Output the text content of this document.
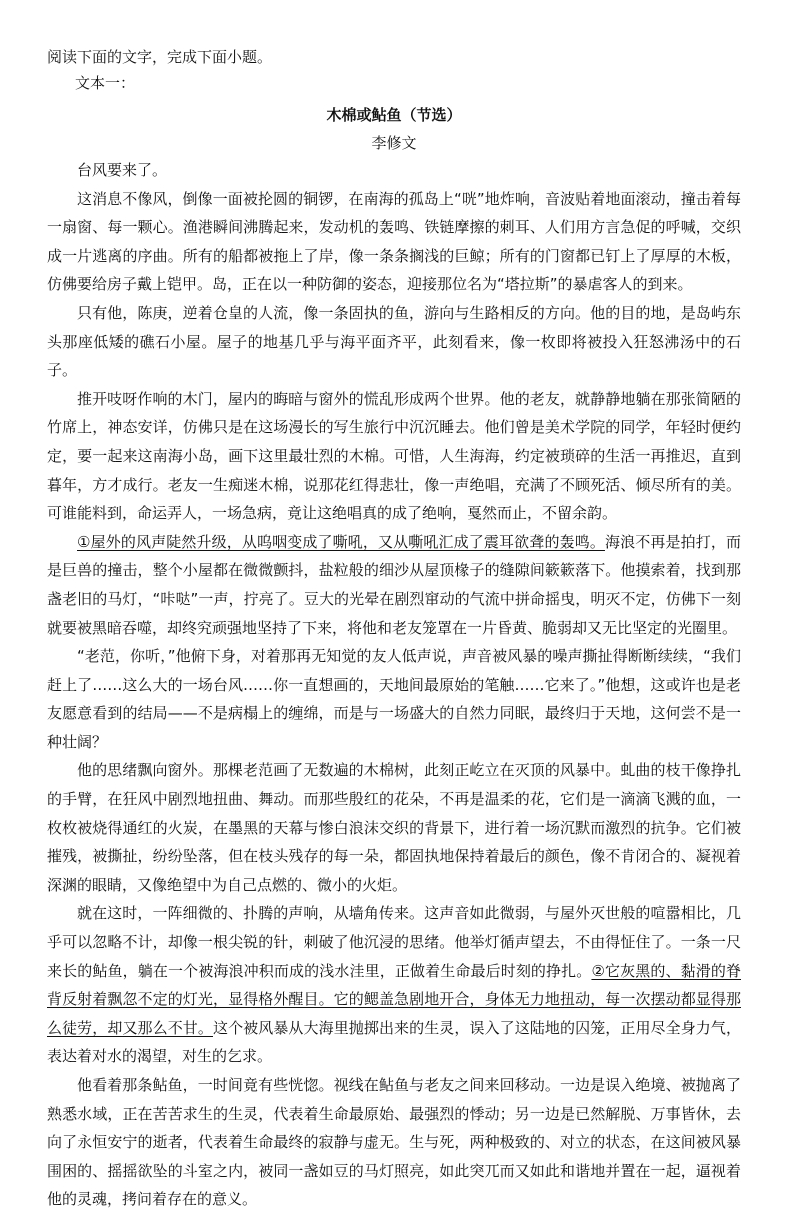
阅读下面的文字，完成下面小题。

文本一：

木棉或鲇鱼（节选）
李修文

台风要来了。

这消息不像风，倒像一面被抡圆的铜锣，在南海的孤岛上“咣”地炸响，音波贴着地面滚动，撞击着每一扇窗、每一颗心。渔港瞬间沸腾起来，发动机的轰鸣、铁链摩擦的刺耳、人们用方言急促的呼喊，交织成一片逃离的序曲。所有的船都被拖上了岸，像一条条搁浅的巨鲸；所有的门窗都已钉上了厚厚的木板，仿佛要给房子戴上铠甲。岛，正在以一种防御的姿态，迎接那位名为“塔拉斯”的暴虐客人的到来。

只有他，陈庚，逆着仓皇的人流，像一条固执的鱼，游向与生路相反的方向。他的目的地，是岛屿东头那座低矮的礁石小屋。屋子的地基几乎与海平面齐平，此刻看来，像一枚即将被投入狂怒沸汤中的石子。

推开吱呀作响的木门，屋内的晦暗与窗外的慌乱形成两个世界。他的老友，就静静地躺在那张简陋的竹席上，神态安详，仿佛只是在这场漫长的写生旅行中沉沉睡去。他们曾是美术学院的同学，年轻时便约定，要一起来这南海小岛，画下这里最壮烈的木棉。可惜，人生海海，约定被琐碎的生活一再推迟，直到暮年，方才成行。老友一生痴迷木棉，说那花红得悲壮，像一声绝唱，充满了不顾死活、倾尽所有的美。可谁能料到，命运弄人，一场急病，竟让这绝唱真的成了绝响，戛然而止，不留余韵。

①屋外的风声陡然升级，从呜咽变成了嘶吼，又从嘶吼汇成了震耳欲聋的轰鸣。海浪不再是拍打，而是巨兽的撞击，整个小屋都在微微颤抖，盐粒般的细沙从屋顶椽子的缝隙间簌簌落下。他摸索着，找到那盏老旧的马灯，“咔哒”一声，拧亮了。豆大的光晕在剧烈窜动的气流中拼命摇曳，明灭不定，仿佛下一刻就要被黑暗吞噬，却终究顽强地坚持了下来，将他和老友笼罩在一片昏黄、脆弱却又无比坚定的光圈里。

“老范，你听，”他俯下身，对着那再无知觉的友人低声说，声音被风暴的噪声撕扯得断断续续，“我们赶上了……这么大的一场台风……你一直想画的，天地间最原始的笔触……它来了。”他想，这或许也是老友愿意看到的结局——不是病榻上的缠绵，而是与一场盛大的自然力同眠，最终归于天地，这何尝不是一种壮阔？

他的思绪飘向窗外。那棵老范画了无数遍的木棉树，此刻正屹立在灭顶的风暴中。虬曲的枝干像挣扎的手臂，在狂风中剧烈地扭曲、舞动。而那些殷红的花朵，不再是温柔的花，它们是一滴滴飞溅的血，一枚枚被烧得通红的火炭，在墨黑的天幕与惨白浪沫交织的背景下，进行着一场沉默而激烈的抗争。它们被摧残，被撕扯，纷纷坠落，但在枝头残存的每一朵，都固执地保持着最后的颜色，像不肯闭合的、凝视着深渊的眼睛，又像绝望中为自己点燃的、微小的火炬。

就在这时，一阵细微的、扑腾的声响，从墙角传来。这声音如此微弱，与屋外灭世般的喧嚣相比，几乎可以忽略不计，却像一根尖锐的针，刺破了他沉浸的思绪。他举灯循声望去，不由得怔住了。一条一尺来长的鲇鱼，躺在一个被海浪冲积而成的浅水洼里，正做着生命最后时刻的挣扎。②它灰黑的、黏滑的脊背反射着飘忽不定的灯光，显得格外醒目。它的鳃盖急剧地开合，身体无力地扭动，每一次摆动都显得那么徒劳，却又那么不甘。这个被风暴从大海里抛掷出来的生灵，误入了这陆地的囚笼，正用尽全身力气，表达着对水的渴望，对生的乞求。

他看着那条鲇鱼，一时间竟有些恍惚。视线在鲇鱼与老友之间来回移动。一边是误入绝境、被抛离了熟悉水域，正在苦苦求生的生灵，代表着生命最原始、最强烈的悸动；另一边是已然解脱、万事皆休，去向了永恒安宁的逝者，代表着生命最终的寂静与虚无。生与死，两种极致的、对立的状态，在这间被风暴围困的、摇摇欲坠的斗室之内，被同一盏如豆的马灯照亮，如此突兀而又如此和谐地并置在一起，逼视着他的灵魂，拷问着存在的意义。
